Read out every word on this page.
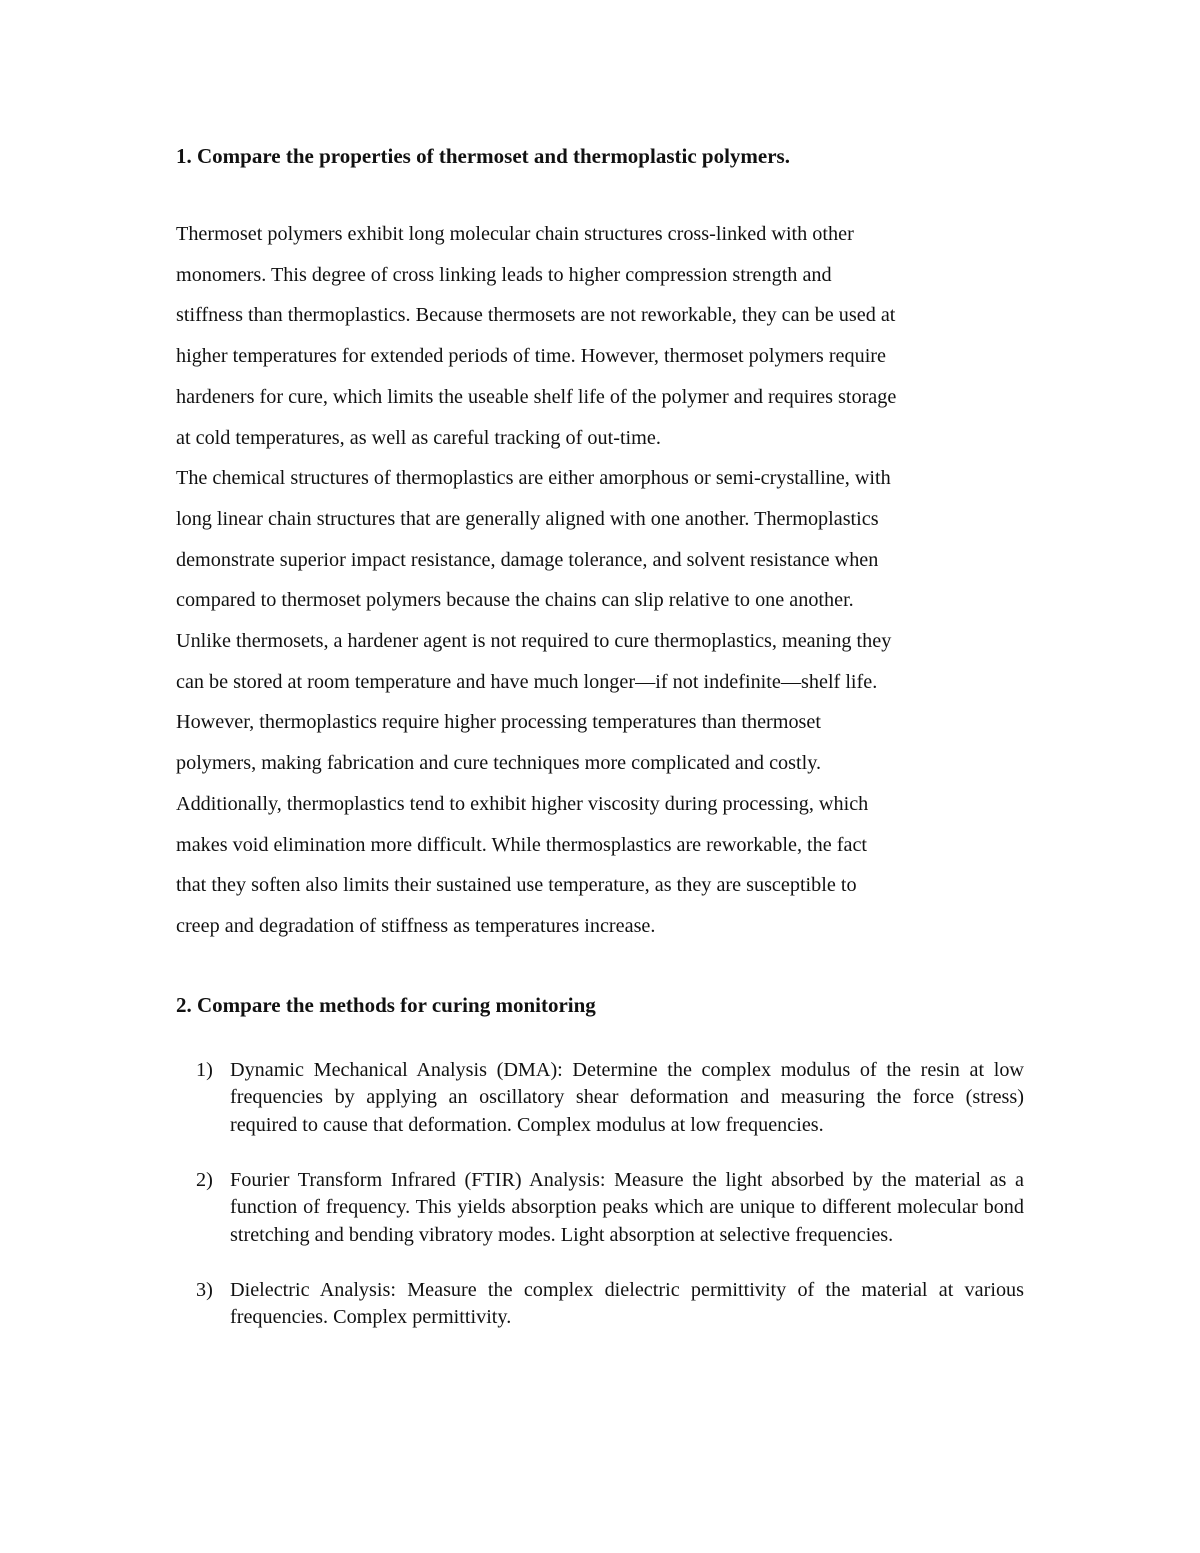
1. Compare the properties of thermoset and thermoplastic polymers.

Thermoset polymers exhibit long molecular chain structures cross-linked with other
monomers. This degree of cross linking leads to higher compression strength and
stiffness than thermoplastics. Because thermosets are not reworkable, they can be used at
higher temperatures for extended periods of time. However, thermoset polymers require
hardeners for cure, which limits the useable shelf life of the polymer and requires storage
at cold temperatures, as well as careful tracking of out-time.

The chemical structures of thermoplastics are either amorphous or semi-crystalline, with
long linear chain structures that are generally aligned with one another. Thermoplastics
demonstrate superior impact resistance, damage tolerance, and solvent resistance when
compared to thermoset polymers because the chains can slip relative to one another.
Unlike thermosets, a hardener agent is not required to cure thermoplastics, meaning they
can be stored at room temperature and have much longer—if not indefinite—shelf life.
However, thermoplastics require higher processing temperatures than thermoset
polymers, making fabrication and cure techniques more complicated and costly.
Additionally, thermoplastics tend to exhibit higher viscosity during processing, which
makes void elimination more difficult. While thermosplastics are reworkable, the fact
that they soften also limits their sustained use temperature, as they are susceptible to
creep and degradation of stiffness as temperatures increase.

2. Compare the methods for curing monitoring
1) Dynamic Mechanical Analysis (DMA): Determine the complex modulus of the resin at low frequencies by applying an oscillatory shear deformation and measuring the force (stress) required to cause that deformation. Complex modulus at low frequencies.
2) Fourier Transform Infrared (FTIR) Analysis: Measure the light absorbed by the material as a function of frequency. This yields absorption peaks which are unique to different molecular bond stretching and bending vibratory modes. Light absorption at selective frequencies.
3) Dielectric Analysis: Measure the complex dielectric permittivity of the material at various frequencies. Complex permittivity.
